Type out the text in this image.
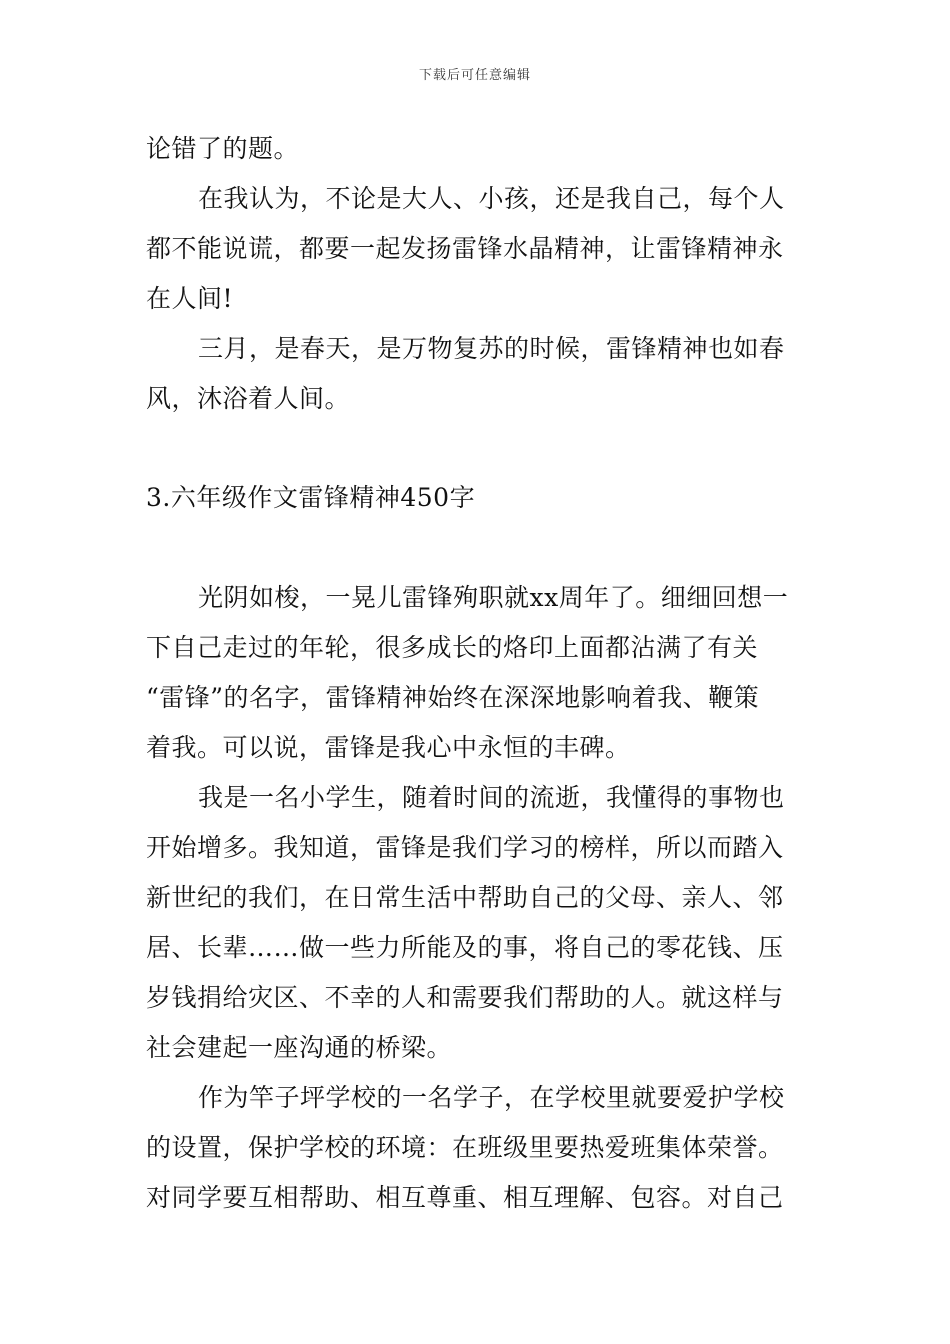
下载后可任意编辑
论错了的题。
在我认为，不论是大人、小孩，还是我自己，每个人
都不能说谎，都要一起发扬雷锋水晶精神，让雷锋精神永
在人间!
三月，是春天，是万物复苏的时候，雷锋精神也如春
风，沐浴着人间。
3.六年级作文雷锋精神450字
光阴如梭，一晃儿雷锋殉职就xx周年了。细细回想一
下自己走过的年轮，很多成长的烙印上面都沾满了有关
“雷锋”的名字，雷锋精神始终在深深地影响着我、鞭策
着我。可以说，雷锋是我心中永恒的丰碑。
我是一名小学生，随着时间的流逝，我懂得的事物也
开始增多。我知道，雷锋是我们学习的榜样，所以而踏入
新世纪的我们，在日常生活中帮助自己的父母、亲人、邻
居、长辈……做一些力所能及的事，将自己的零花钱、压
岁钱捐给灾区、不幸的人和需要我们帮助的人。就这样与
社会建起一座沟通的桥梁。
作为竿子坪学校的一名学子，在学校里就要爱护学校
的设置，保护学校的环境：在班级里要热爱班集体荣誉。
对同学要互相帮助、相互尊重、相互理解、包容。对自己
